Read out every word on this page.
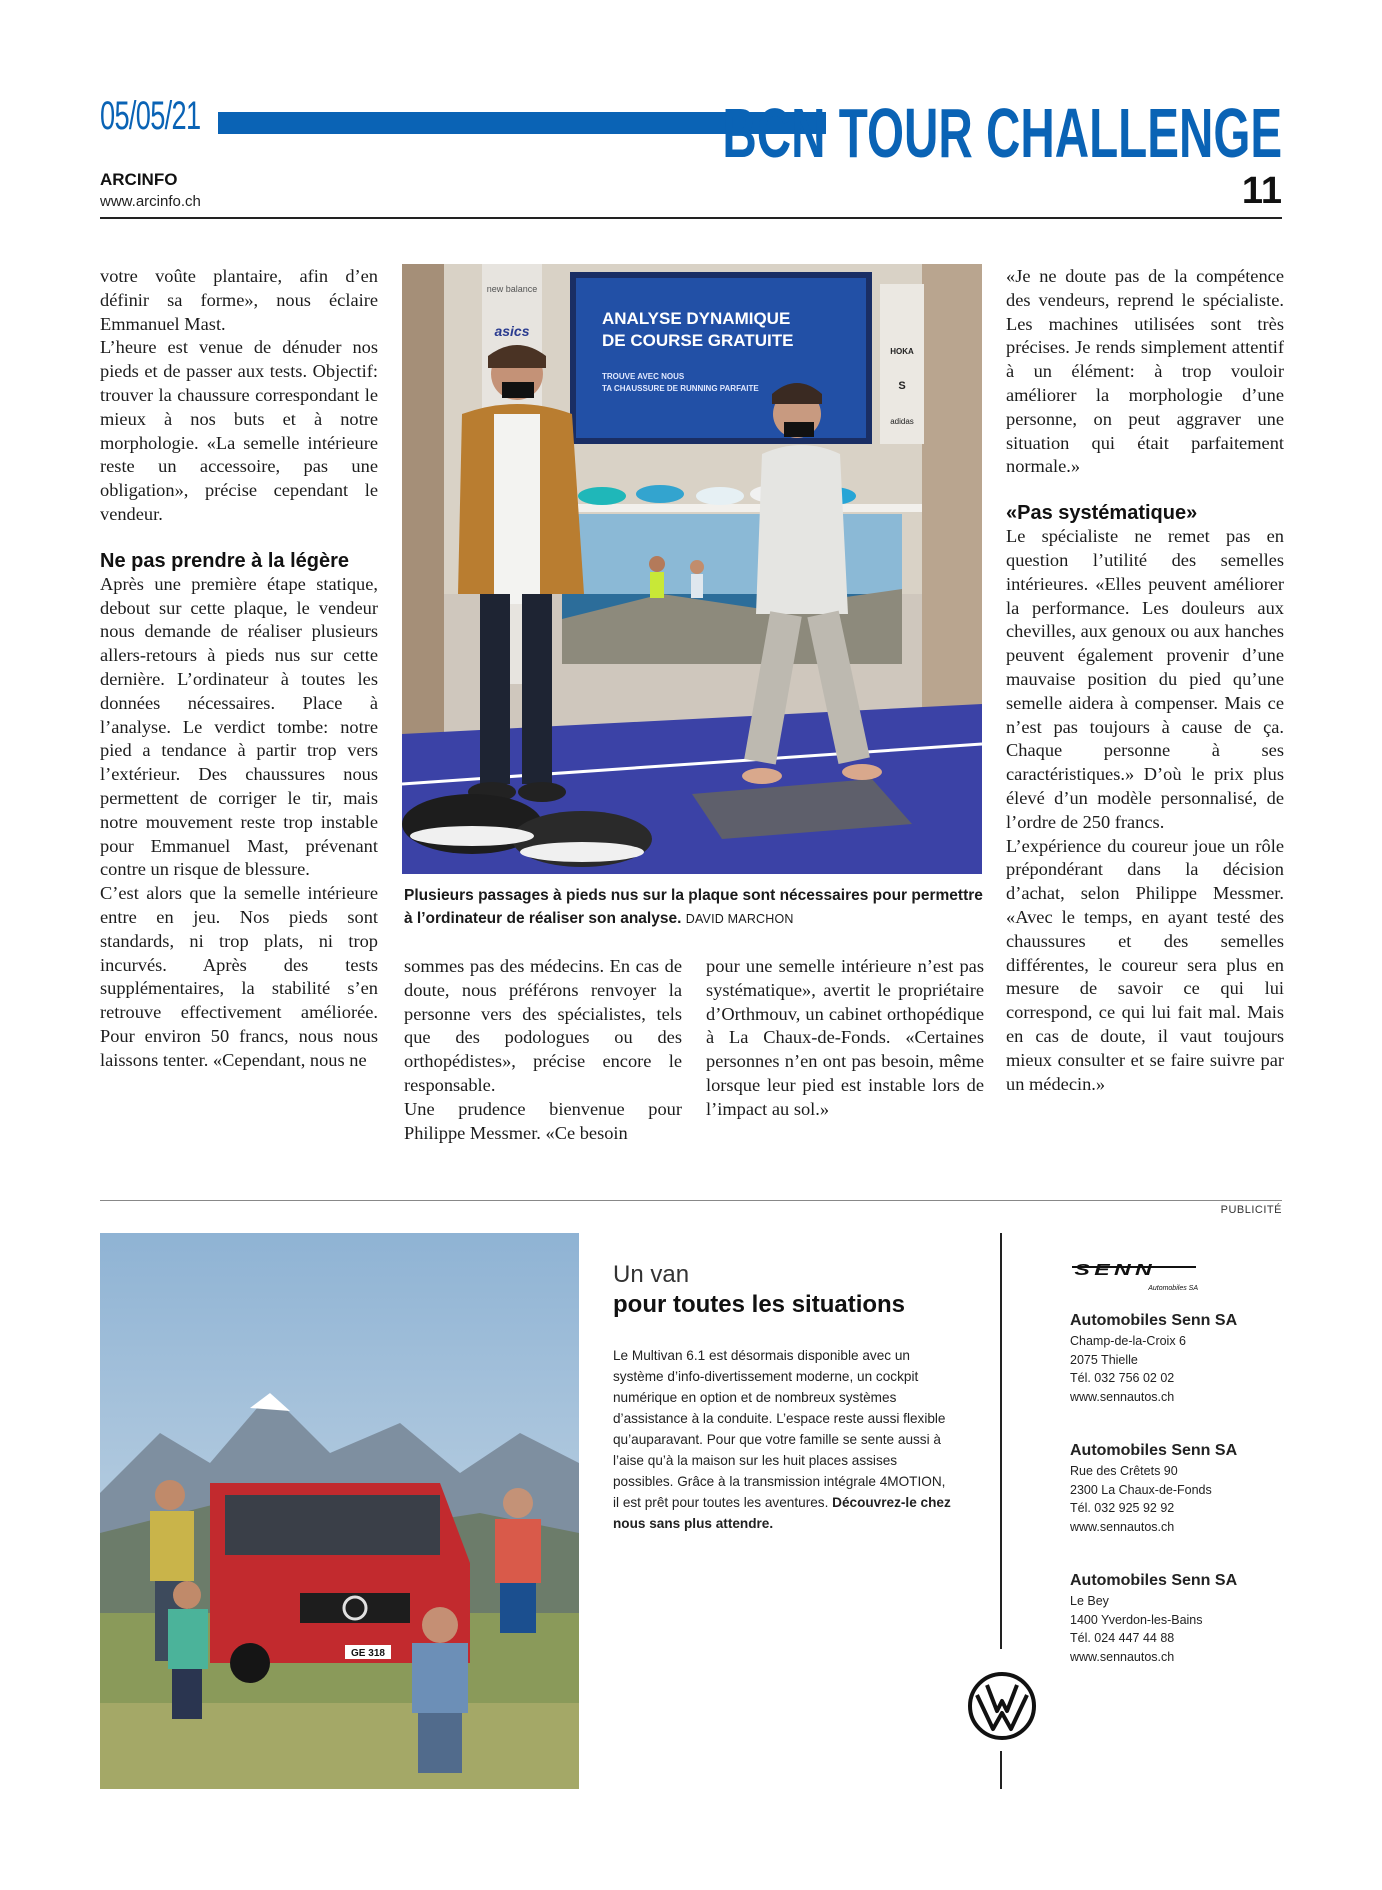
05/05/21	BCN TOUR CHALLENGE
ARCINFO
www.arcinfo.ch	11

votre voûte plantaire, afin d’en définir sa forme», nous éclaire Emmanuel Mast.

L’heure est venue de dénuder nos pieds et de passer aux tests. Objectif: trouver la chaussure correspondant le mieux à nos buts et à notre morphologie. «La semelle intérieure reste un accessoire, pas une obligation», précise cependant le vendeur.

Ne pas prendre à la légère

Après une première étape statique, debout sur cette plaque, le vendeur nous demande de réaliser plusieurs allers-retours à pieds nus sur cette dernière. L’ordinateur à toutes les données nécessaires. Place à l’analyse. Le verdict tombe: notre pied a tendance à partir trop vers l’extérieur. Des chaussures nous permettent de corriger le tir, mais notre mouvement reste trop instable pour Emmanuel Mast, prévenant contre un risque de blessure.

C’est alors que la semelle intérieure entre en jeu. Nos pieds sont standards, ni trop plats, ni trop incurvés. Après des tests supplémentaires, la stabilité s’en retrouve effectivement améliorée. Pour environ 50 francs, nous nous laissons tenter. «Cependant, nous ne

new balance
asics
ANALYSE DYNAMIQUE
DE COURSE GRATUITE
TROUVE AVEC NOUS
TA CHAUSSURE DE RUNNING PARFAITE
HOKA
S
adidas
Plusieurs passages à pieds nus sur la plaque sont nécessaires pour permettre à l’ordinateur de réaliser son analyse. DAVID MARCHON

sommes pas des médecins. En cas de doute, nous préférons renvoyer la personne vers des spécialistes, tels que des podologues ou des orthopédistes», précise encore le responsable.

Une prudence bienvenue pour Philippe Messmer. «Ce besoin

pour une semelle intérieure n’est pas systématique», avertit le propriétaire d’Orthmouv, un cabinet orthopédique à La Chaux-de-Fonds. «Certaines personnes n’en ont pas besoin, même lorsque leur pied est instable lors de l’impact au sol.»

«Je ne doute pas de la compétence des vendeurs, reprend le spécialiste. Les machines utilisées sont très précises. Je rends simplement attentif à un élément: à trop vouloir améliorer la morphologie d’une personne, on peut aggraver une situation qui était parfaitement normale.»

«Pas systématique»

Le spécialiste ne remet pas en question l’utilité des semelles intérieures. «Elles peuvent améliorer la performance. Les douleurs aux chevilles, aux genoux ou aux hanches peuvent également provenir d’une mauvaise position du pied qu’une semelle aidera à compenser. Mais ce n’est pas toujours à cause de ça. Chaque personne à ses caractéristiques.» D’où le prix plus élevé d’un modèle personnalisé, de l’ordre de 250 francs.

L’expérience du coureur joue un rôle prépondérant dans la décision d’achat, selon Philippe Messmer. «Avec le temps, en ayant testé des chaussures et des semelles différentes, le coureur sera plus en mesure de savoir ce qui lui correspond, ce qui lui fait mal. Mais en cas de doute, il vaut toujours mieux consulter et se faire suivre par un médecin.»

PUBLICITÉ
GE 318
Un van
pour toutes les situations
Le Multivan 6.1 est désormais disponible avec un système d’info-divertissement moderne, un cockpit numérique en option et de nombreux systèmes d’assistance à la conduite. L’espace reste aussi flexible qu’auparavant. Pour que votre famille se sente aussi à l’aise qu’à la maison sur les huit places assises possibles. Grâce à la transmission intégrale 4MOTION, il est prêt pour toutes les aventures. Découvrez-le chez nous sans plus attendre.
SENN
Automobiles SA
Automobiles Senn SA
Champ-de-la-Croix 6
2075 Thielle
Tél. 032 756 02 02
www.sennautos.ch
Automobiles Senn SA
Rue des Crêtets 90
2300 La Chaux-de-Fonds
Tél. 032 925 92 92
www.sennautos.ch
Automobiles Senn SA
Le Bey
1400 Yverdon-les-Bains
Tél. 024 447 44 88
www.sennautos.ch
